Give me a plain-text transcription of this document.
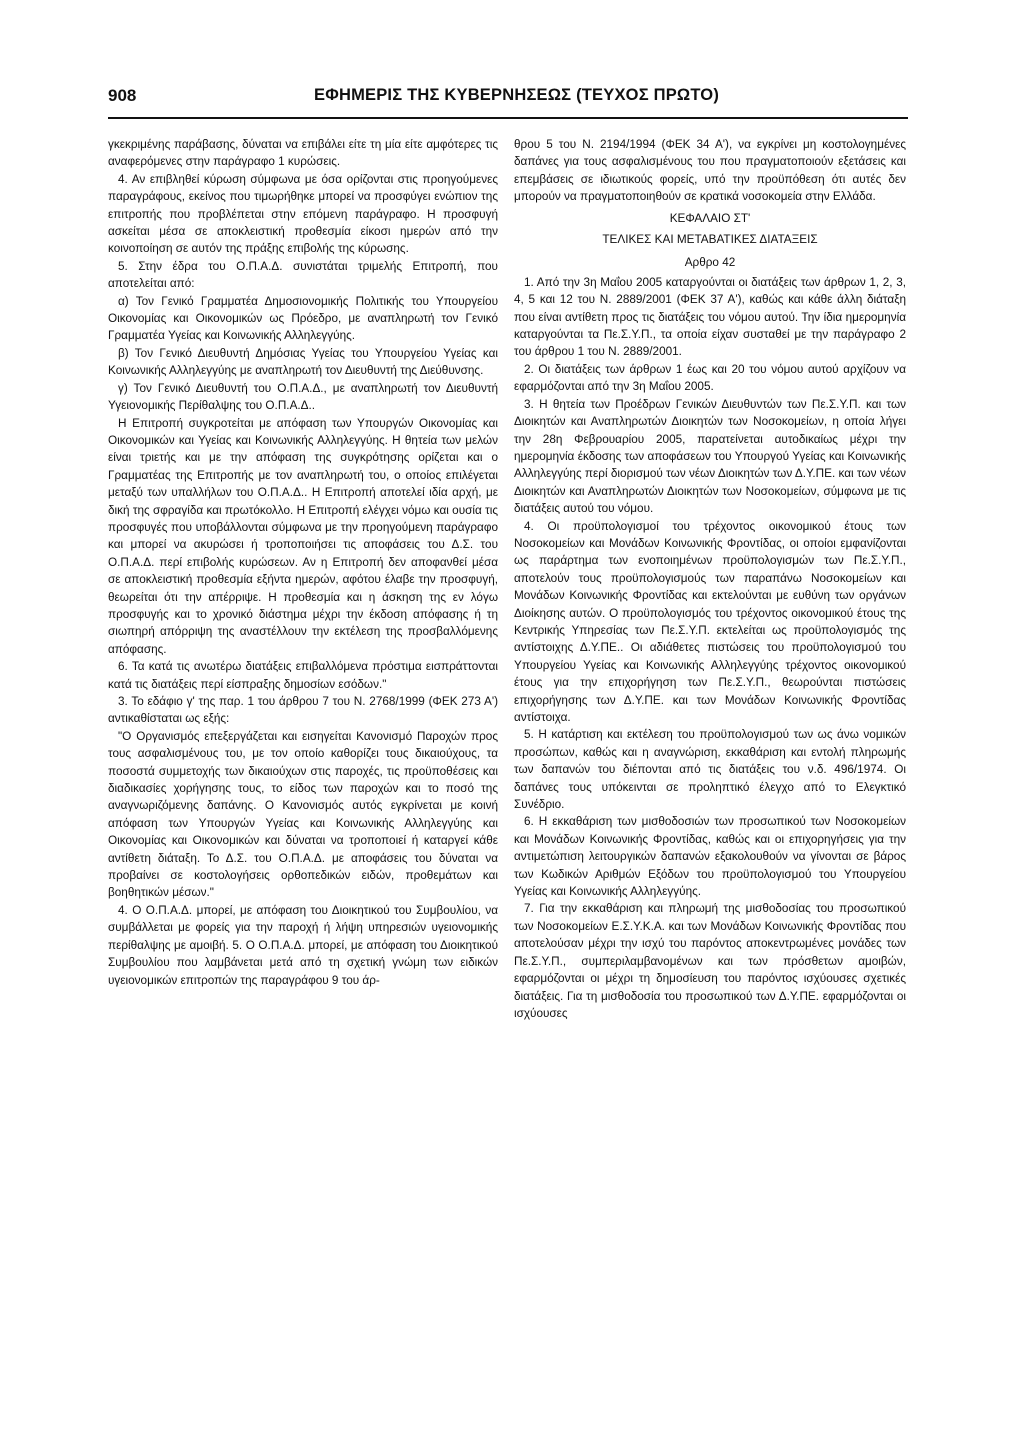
908	ΕΦΗΜΕΡΙΣ ΤΗΣ ΚΥΒΕΡΝΗΣΕΩΣ (ΤΕΥΧΟΣ ΠΡΩΤΟ)

γκεκριμένης παράβασης, δύναται να επιβάλει είτε τη μία είτε αμφότερες τις αναφερόμενες στην παράγραφο 1 κυρώσεις.

4. Αν επιβληθεί κύρωση σύμφωνα με όσα ορίζονται στις προηγούμενες παραγράφους, εκείνος που τιμωρήθηκε μπορεί να προσφύγει ενώπιον της επιτροπής που προβλέπεται στην επόμενη παράγραφο. Η προσφυγή ασκείται μέσα σε αποκλειστική προθεσμία είκοσι ημερών από την κοινοποίηση σε αυτόν της πράξης επιβολής της κύρωσης.

5. Στην έδρα του Ο.Π.Α.Δ. συνιστάται τριμελής Επιτροπή, που αποτελείται από:

α) Τον Γενικό Γραμματέα Δημοσιονομικής Πολιτικής του Υπουργείου Οικονομίας και Οικονομικών ως Πρόεδρο, με αναπληρωτή τον Γενικό Γραμματέα Υγείας και Κοινωνικής Αλληλεγγύης.

β) Τον Γενικό Διευθυντή Δημόσιας Υγείας του Υπουργείου Υγείας και Κοινωνικής Αλληλεγγύης με αναπληρωτή τον Διευθυντή της Διεύθυνσης.

γ) Τον Γενικό Διευθυντή του Ο.Π.Α.Δ., με αναπληρωτή τον Διευθυντή Υγειονομικής Περίθαλψης του Ο.Π.Α.Δ..

Η Επιτροπή συγκροτείται με απόφαση των Υπουργών Οικονομίας και Οικονομικών και Υγείας και Κοινωνικής Αλληλεγγύης. Η θητεία των μελών είναι τριετής και με την απόφαση της συγκρότησης ορίζεται και ο Γραμματέας της Επιτροπής με τον αναπληρωτή του, ο οποίος επιλέγεται μεταξύ των υπαλλήλων του Ο.Π.Α.Δ.. Η Επιτροπή αποτελεί ιδία αρχή, με δική της σφραγίδα και πρωτόκολλο. Η Επιτροπή ελέγχει νόμω και ουσία τις προσφυγές που υποβάλλονται σύμφωνα με την προηγούμενη παράγραφο και μπορεί να ακυρώσει ή τροποποιήσει τις αποφάσεις του Δ.Σ. του Ο.Π.Α.Δ. περί επιβολής κυρώσεων. Αν η Επιτροπή δεν αποφανθεί μέσα σε αποκλειστική προθεσμία εξήντα ημερών, αφότου έλαβε την προσφυγή, θεωρείται ότι την απέρριψε. Η προθεσμία και η άσκηση της εν λόγω προσφυγής και το χρονικό διάστημα μέχρι την έκδοση απόφασης ή τη σιωπηρή απόρριψη της αναστέλλουν την εκτέλεση της προσβαλλόμενης απόφασης.

6. Τα κατά τις ανωτέρω διατάξεις επιβαλλόμενα πρόστιμα εισπράττονται κατά τις διατάξεις περί είσπραξης δημοσίων εσόδων."

3. Το εδάφιο γ' της παρ. 1 του άρθρου 7 του Ν. 2768/1999 (ΦΕΚ 273 Α') αντικαθίσταται ως εξής:

"Ο Οργανισμός επεξεργάζεται και εισηγείται Κανονισμό Παροχών προς τους ασφαλισμένους του, με τον οποίο καθορίζει τους δικαιούχους, τα ποσοστά συμμετοχής των δικαιούχων στις παροχές, τις προϋποθέσεις και διαδικασίες χορήγησης τους, το είδος των παροχών και το ποσό της αναγνωριζόμενης δαπάνης. Ο Κανονισμός αυτός εγκρίνεται με κοινή απόφαση των Υπουργών Υγείας και Κοινωνικής Αλληλεγγύης και Οικονομίας και Οικονομικών και δύναται να τροποποιεί ή καταργεί κάθε αντίθετη διάταξη. Το Δ.Σ. του Ο.Π.Α.Δ. με αποφάσεις του δύναται να προβαίνει σε κοστολογήσεις ορθοπεδικών ειδών, προθεμάτων και βοηθητικών μέσων."

4. Ο Ο.Π.Α.Δ. μπορεί, με απόφαση του Διοικητικού του Συμβουλίου, να συμβάλλεται με φορείς για την παροχή ή λήψη υπηρεσιών υγειονομικής περίθαλψης με αμοιβή. 5. Ο Ο.Π.Α.Δ. μπορεί, με απόφαση του Διοικητικού Συμβουλίου που λαμβάνεται μετά από τη σχετική γνώμη των ειδικών υγειονομικών επιτροπών της παραγράφου 9 του άρ-

θρου 5 του Ν. 2194/1994 (ΦΕΚ 34 Α'), να εγκρίνει μη κοστολογημένες δαπάνες για τους ασφαλισμένους του που πραγματοποιούν εξετάσεις και επεμβάσεις σε ιδιωτικούς φορείς, υπό την προϋπόθεση ότι αυτές δεν μπορούν να πραγματοποιηθούν σε κρατικά νοσοκομεία στην Ελλάδα.

ΚΕΦΑΛΑΙΟ ΣΤ'

ΤΕΛΙΚΕΣ ΚΑΙ ΜΕΤΑΒΑΤΙΚΕΣ ΔΙΑΤΑΞΕΙΣ

Αρθρο 42

1. Από την 3η Μαΐου 2005 καταργούνται οι διατάξεις των άρθρων 1, 2, 3, 4, 5 και 12 του Ν. 2889/2001 (ΦΕΚ 37 Α'), καθώς και κάθε άλλη διάταξη που είναι αντίθετη προς τις διατάξεις του νόμου αυτού. Την ίδια ημερομηνία καταργούνται τα Πε.Σ.Υ.Π., τα οποία είχαν συσταθεί με την παράγραφο 2 του άρθρου 1 του Ν. 2889/2001.

2. Οι διατάξεις των άρθρων 1 έως και 20 του νόμου αυτού αρχίζουν να εφαρμόζονται από την 3η Μαΐου 2005.

3. Η θητεία των Προέδρων Γενικών Διευθυντών των Πε.Σ.Υ.Π. και των Διοικητών και Αναπληρωτών Διοικητών των Νοσοκομείων, η οποία λήγει την 28η Φεβρουαρίου 2005, παρατείνεται αυτοδικαίως μέχρι την ημερομηνία έκδοσης των αποφάσεων του Υπουργού Υγείας και Κοινωνικής Αλληλεγγύης περί διορισμού των νέων Διοικητών των Δ.Υ.ΠΕ. και των νέων Διοικητών και Αναπληρωτών Διοικητών των Νοσοκομείων, σύμφωνα με τις διατάξεις αυτού του νόμου.

4. Οι προϋπολογισμοί του τρέχοντος οικονομικού έτους των Νοσοκομείων και Μονάδων Κοινωνικής Φροντίδας, οι οποίοι εμφανίζονται ως παράρτημα των ενοποιημένων προϋπολογισμών των Πε.Σ.Υ.Π., αποτελούν τους προϋπολογισμούς των παραπάνω Νοσοκομείων και Μονάδων Κοινωνικής Φροντίδας και εκτελούνται με ευθύνη των οργάνων Διοίκησης αυτών. Ο προϋπολογισμός του τρέχοντος οικονομικού έτους της Κεντρικής Υπηρεσίας των Πε.Σ.Υ.Π. εκτελείται ως προϋπολογισμός της αντίστοιχης Δ.Υ.ΠΕ.. Οι αδιάθετες πιστώσεις του προϋπολογισμού του Υπουργείου Υγείας και Κοινωνικής Αλληλεγγύης τρέχοντος οικονομικού έτους για την επιχορήγηση των Πε.Σ.Υ.Π., θεωρούνται πιστώσεις επιχορήγησης των Δ.Υ.ΠΕ. και των Μονάδων Κοινωνικής Φροντίδας αντίστοιχα.

5. Η κατάρτιση και εκτέλεση του προϋπολογισμού των ως άνω νομικών προσώπων, καθώς και η αναγνώριση, εκκαθάριση και εντολή πληρωμής των δαπανών του διέπονται από τις διατάξεις του ν.δ. 496/1974. Οι δαπάνες τους υπόκεινται σε προληπτικό έλεγχο από το Ελεγκτικό Συνέδριο.

6. Η εκκαθάριση των μισθοδοσιών των προσωπικού των Νοσοκομείων και Μονάδων Κοινωνικής Φροντίδας, καθώς και οι επιχορηγήσεις για την αντιμετώπιση λειτουργικών δαπανών εξακολουθούν να γίνονται σε βάρος των Κωδικών Αριθμών Εξόδων του προϋπολογισμού του Υπουργείου Υγείας και Κοινωνικής Αλληλεγγύης.

7. Για την εκκαθάριση και πληρωμή της μισθοδοσίας του προσωπικού των Νοσοκομείων Ε.Σ.Υ.Κ.Α. και των Μονάδων Κοινωνικής Φροντίδας που αποτελούσαν μέχρι την ισχύ του παρόντος αποκεντρωμένες μονάδες των Πε.Σ.Υ.Π., συμπεριλαμβανομένων και των πρόσθετων αμοιβών, εφαρμόζονται οι μέχρι τη δημοσίευση του παρόντος ισχύουσες σχετικές διατάξεις. Για τη μισθοδοσία του προσωπικού των Δ.Υ.ΠΕ. εφαρμόζονται οι ισχύουσες
